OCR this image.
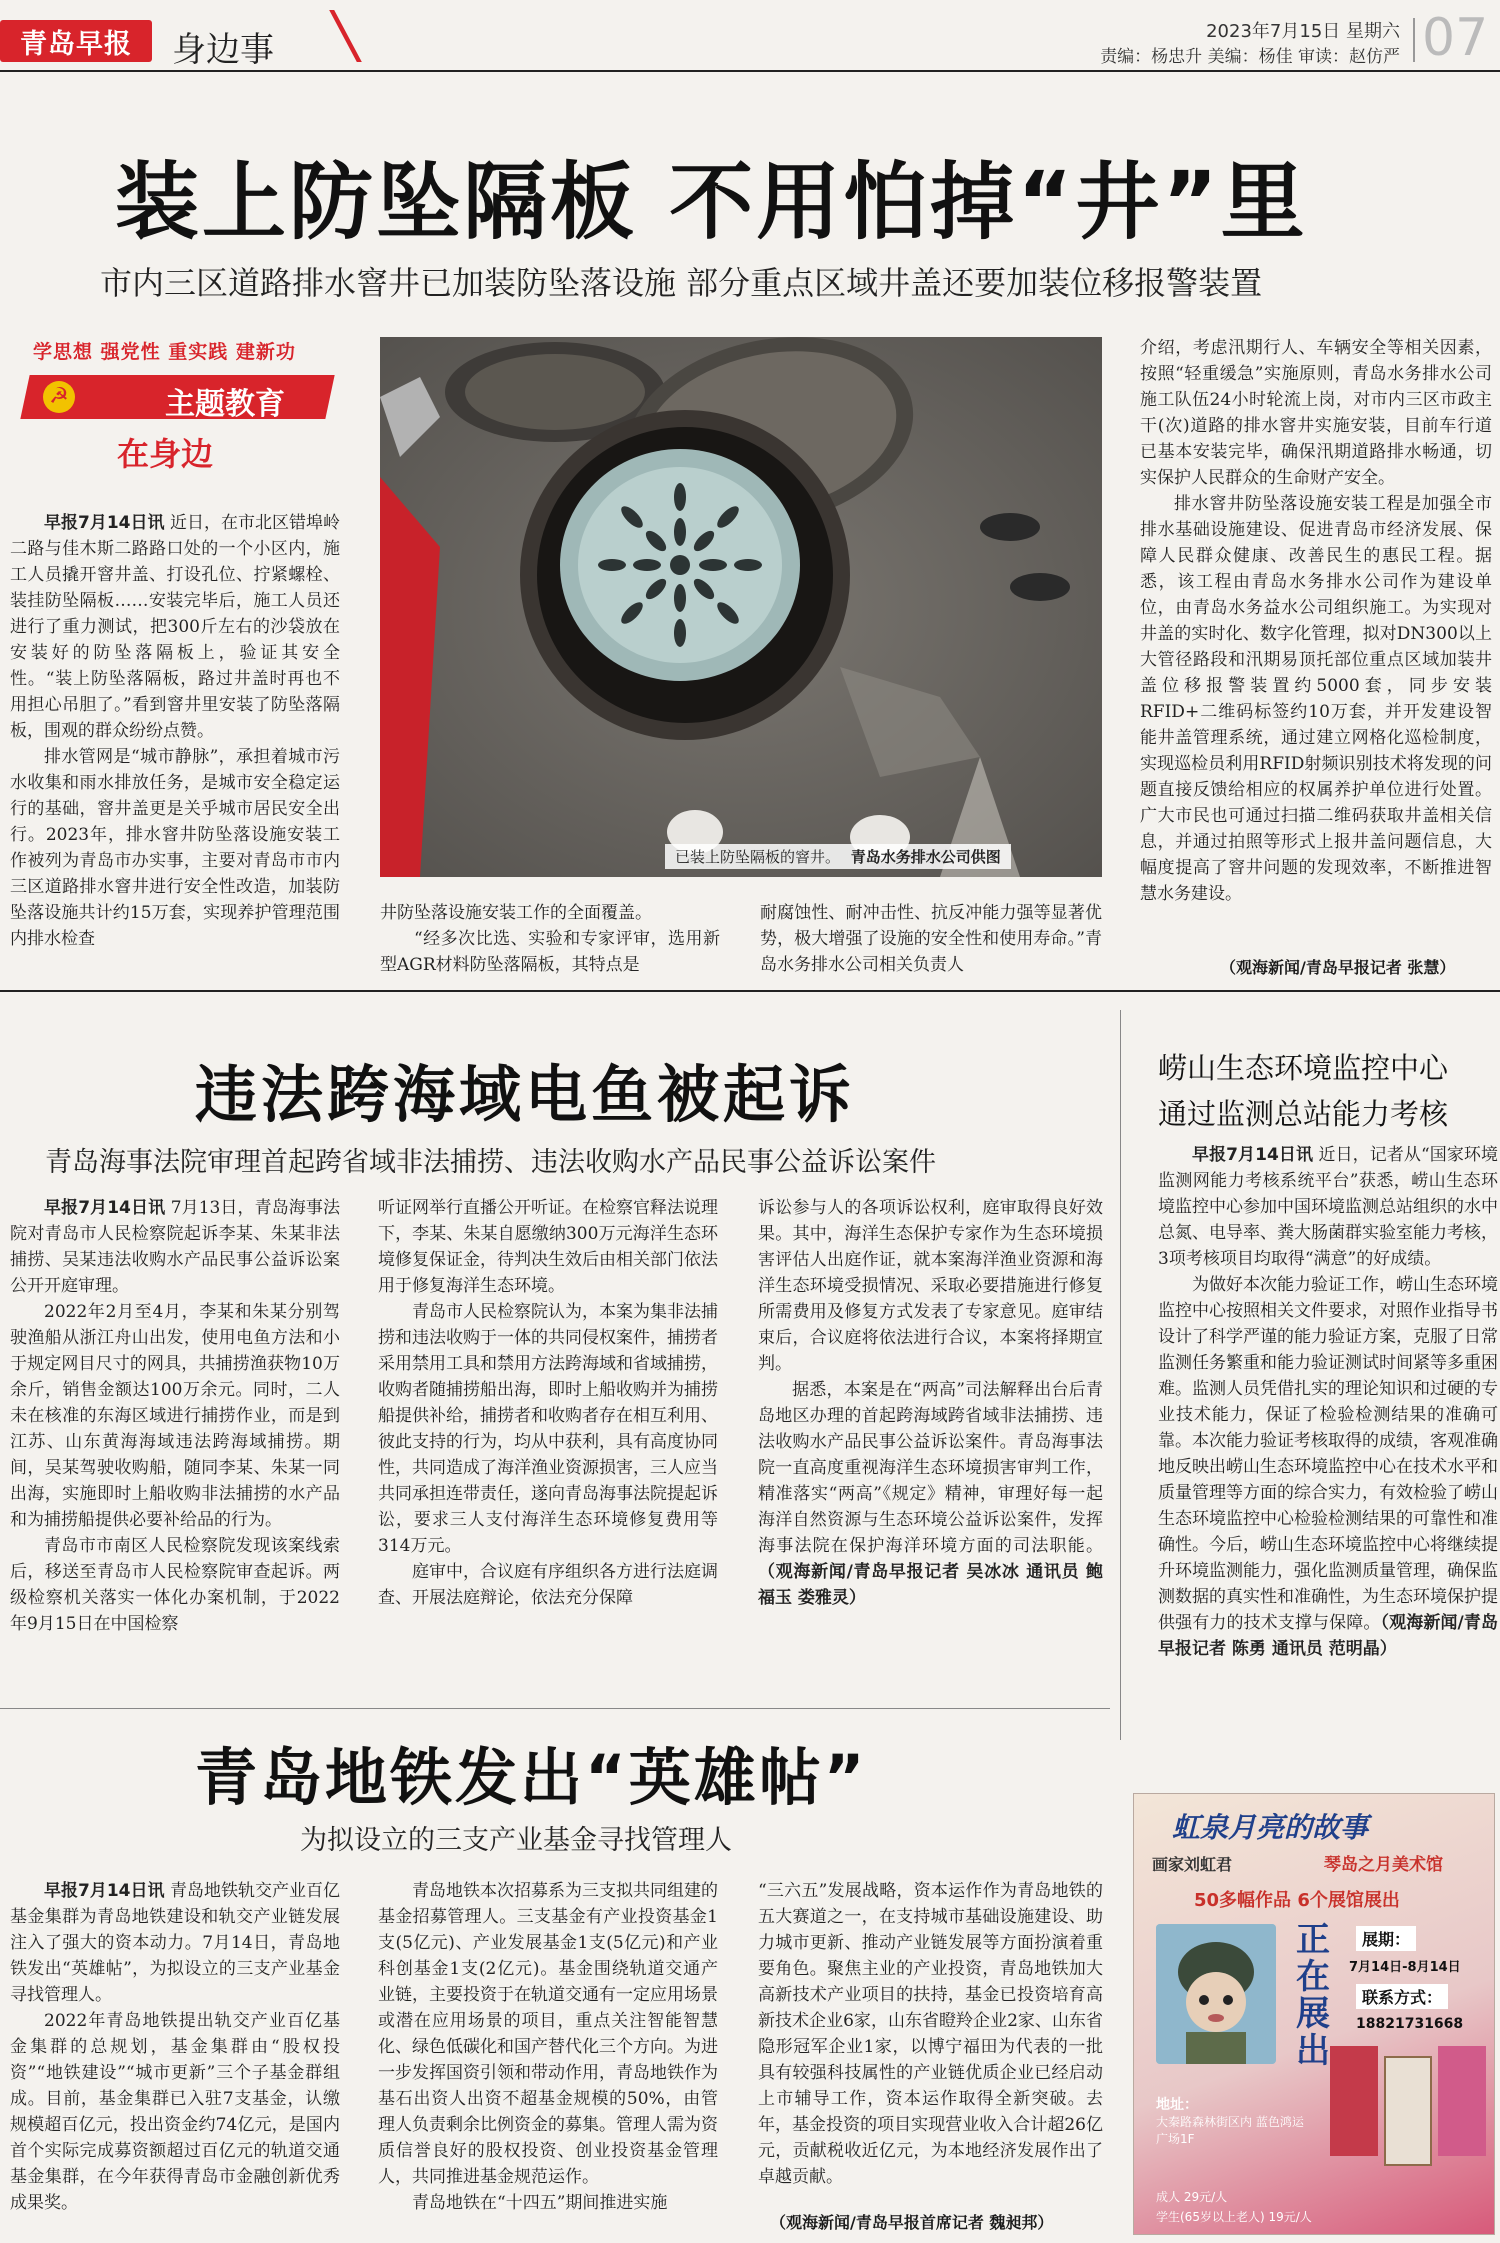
青岛早报 身边事	2023年7月15日 星期六
责编：杨忠升 美编：杨佳 审读：赵仿严 07
装上防坠隔板 不用怕掉“井”里
市内三区道路排水窨井已加装防坠落设施 部分重点区域井盖还要加装位移报警装置
学思想 强党性 重实践 建新功
☭	主题教育
在身边
已装上防坠隔板的窨井。 青岛水务排水公司供图

早报7月14日讯 近日，在市北区错埠岭二路与佳木斯二路路口处的一个小区内，施工人员撬开窨井盖、打设孔位、拧紧螺栓、装挂防坠隔板……安装完毕后，施工人员还进行了重力测试，把300斤左右的沙袋放在安装好的防坠落隔板上，验证其安全性。“装上防坠落隔板，路过井盖时再也不用担心吊胆了。”看到窨井里安装了防坠落隔板，围观的群众纷纷点赞。

排水管网是“城市静脉”，承担着城市污水收集和雨水排放任务，是城市安全稳定运行的基础，窨井盖更是关乎城市居民安全出行。2023年，排水窨井防坠落设施安装工作被列为青岛市办实事，主要对青岛市市内三区道路排水窨井进行安全性改造，加装防坠落设施共计约15万套，实现养护管理范围内排水检查

井防坠落设施安装工作的全面覆盖。

“经多次比选、实验和专家评审，选用新型AGR材料防坠落隔板，其特点是

耐腐蚀性、耐冲击性、抗反冲能力强等显著优势，极大增强了设施的安全性和使用寿命。”青岛水务排水公司相关负责人

介绍，考虑汛期行人、车辆安全等相关因素，按照“轻重缓急”实施原则，青岛水务排水公司施工队伍24小时轮流上岗，对市内三区市政主干(次)道路的排水窨井实施安装，目前车行道已基本安装完毕，确保汛期道路排水畅通，切实保护人民群众的生命财产安全。

排水窨井防坠落设施安装工程是加强全市排水基础设施建设、促进青岛市经济发展、保障人民群众健康、改善民生的惠民工程。据悉，该工程由青岛水务排水公司作为建设单位，由青岛水务益水公司组织施工。为实现对井盖的实时化、数字化管理，拟对DN300以上大管径路段和汛期易顶托部位重点区域加装井盖位移报警装置约5000套，同步安装RFID+二维码标签约10万套，并开发建设智能井盖管理系统，通过建立网格化巡检制度，实现巡检员利用RFID射频识别技术将发现的问题直接反馈给相应的权属养护单位进行处置。广大市民也可通过扫描二维码获取井盖相关信息，并通过拍照等形式上报井盖问题信息，大幅度提高了窨井问题的发现效率，不断推进智慧水务建设。

（观海新闻/青岛早报记者 张慧）
违法跨海域电鱼被起诉
青岛海事法院审理首起跨省域非法捕捞、违法收购水产品民事公益诉讼案件

早报7月14日讯 7月13日，青岛海事法院对青岛市人民检察院起诉李某、朱某非法捕捞、吴某违法收购水产品民事公益诉讼案公开开庭审理。

2022年2月至4月，李某和朱某分别驾驶渔船从浙江舟山出发，使用电鱼方法和小于规定网目尺寸的网具，共捕捞渔获物10万余斤，销售金额达100万余元。同时，二人未在核准的东海区域进行捕捞作业，而是到江苏、山东黄海海域违法跨海域捕捞。期间，吴某驾驶收购船，随同李某、朱某一同出海，实施即时上船收购非法捕捞的水产品和为捕捞船提供必要补给品的行为。

青岛市市南区人民检察院发现该案线索后，移送至青岛市人民检察院审查起诉。两级检察机关落实一体化办案机制，于2022年9月15日在中国检察

听证网举行直播公开听证。在检察官释法说理下，李某、朱某自愿缴纳300万元海洋生态环境修复保证金，待判决生效后由相关部门依法用于修复海洋生态环境。

青岛市人民检察院认为，本案为集非法捕捞和违法收购于一体的共同侵权案件，捕捞者采用禁用工具和禁用方法跨海域和省域捕捞，收购者随捕捞船出海，即时上船收购并为捕捞船提供补给，捕捞者和收购者存在相互利用、彼此支持的行为，均从中获利，具有高度协同性，共同造成了海洋渔业资源损害，三人应当共同承担连带责任，遂向青岛海事法院提起诉讼，要求三人支付海洋生态环境修复费用等314万元。

庭审中，合议庭有序组织各方进行法庭调查、开展法庭辩论，依法充分保障

诉讼参与人的各项诉讼权利，庭审取得良好效果。其中，海洋生态保护专家作为生态环境损害评估人出庭作证，就本案海洋渔业资源和海洋生态环境受损情况、采取必要措施进行修复所需费用及修复方式发表了专家意见。庭审结束后，合议庭将依法进行合议，本案将择期宣判。

据悉，本案是在“两高”司法解释出台后青岛地区办理的首起跨海域跨省域非法捕捞、违法收购水产品民事公益诉讼案件。青岛海事法院一直高度重视海洋生态环境损害审判工作，精准落实“两高”《规定》精神，审理好每一起海洋自然资源与生态环境公益诉讼案件，发挥海事法院在保护海洋环境方面的司法职能。（观海新闻/青岛早报记者 吴冰冰 通讯员 鲍福玉 娄雅灵）

崂山生态环境监控中心
通过监测总站能力考核

早报7月14日讯 近日，记者从“国家环境监测网能力考核系统平台”获悉，崂山生态环境监控中心参加中国环境监测总站组织的水中总氮、电导率、粪大肠菌群实验室能力考核，3项考核项目均取得“满意”的好成绩。

为做好本次能力验证工作，崂山生态环境监控中心按照相关文件要求，对照作业指导书设计了科学严谨的能力验证方案，克服了日常监测任务繁重和能力验证测试时间紧等多重困难。监测人员凭借扎实的理论知识和过硬的专业技术能力，保证了检验检测结果的准确可靠。本次能力验证考核取得的成绩，客观准确地反映出崂山生态环境监控中心在技术水平和质量管理等方面的综合实力，有效检验了崂山生态环境监控中心检验检测结果的可靠性和准确性。今后，崂山生态环境监控中心将继续提升环境监测能力，强化监测质量管理，确保监测数据的真实性和准确性，为生态环境保护提供强有力的技术支撑与保障。（观海新闻/青岛早报记者 陈勇 通讯员 范明晶）

青岛地铁发出“英雄帖”
为拟设立的三支产业基金寻找管理人

早报7月14日讯 青岛地铁轨交产业百亿基金集群为青岛地铁建设和轨交产业链发展注入了强大的资本动力。7月14日，青岛地铁发出“英雄帖”，为拟设立的三支产业基金寻找管理人。

2022年青岛地铁提出轨交产业百亿基金集群的总规划，基金集群由“股权投资”“地铁建设”“城市更新”三个子基金群组成。目前，基金集群已入驻7支基金，认缴规模超百亿元，投出资金约74亿元，是国内首个实际完成募资额超过百亿元的轨道交通基金集群，在今年获得青岛市金融创新优秀成果奖。

青岛地铁本次招募系为三支拟共同组建的基金招募管理人。三支基金有产业投资基金1支(5亿元)、产业发展基金1支(5亿元)和产业科创基金1支(2亿元)。基金围绕轨道交通产业链，主要投资于在轨道交通有一定应用场景或潜在应用场景的项目，重点关注智能智慧化、绿色低碳化和国产替代化三个方向。为进一步发挥国资引领和带动作用，青岛地铁作为基石出资人出资不超基金规模的50%，由管理人负责剩余比例资金的募集。管理人需为资质信誉良好的股权投资、创业投资基金管理人，共同推进基金规范运作。

青岛地铁在“十四五”期间推进实施

“三六五”发展战略，资本运作作为青岛地铁的五大赛道之一，在支持城市基础设施建设、助力城市更新、推动产业链发展等方面扮演着重要角色。聚焦主业的产业投资，青岛地铁加大高新技术产业项目的扶持，基金已投资培育高新技术企业6家，山东省瞪羚企业2家、山东省隐形冠军企业1家，以博宁福田为代表的一批具有较强科技属性的产业链优质企业已经启动上市辅导工作，资本运作取得全新突破。去年，基金投资的项目实现营业收入合计超26亿元，贡献税收近亿元，为本地经济发展作出了卓越贡献。

（观海新闻/青岛早报首席记者 魏昶邦）
虹泉月亮的故事
琴岛之月美术馆
画家刘虹君
50多幅作品 6个展馆展出
正在展出
展期：
7月14日-8月14日
联系方式：
18821731668
地址：
大秦路森林街区内 蓝色鸿运广场1F
成人 29元/人
学生(65岁以上老人) 19元/人
